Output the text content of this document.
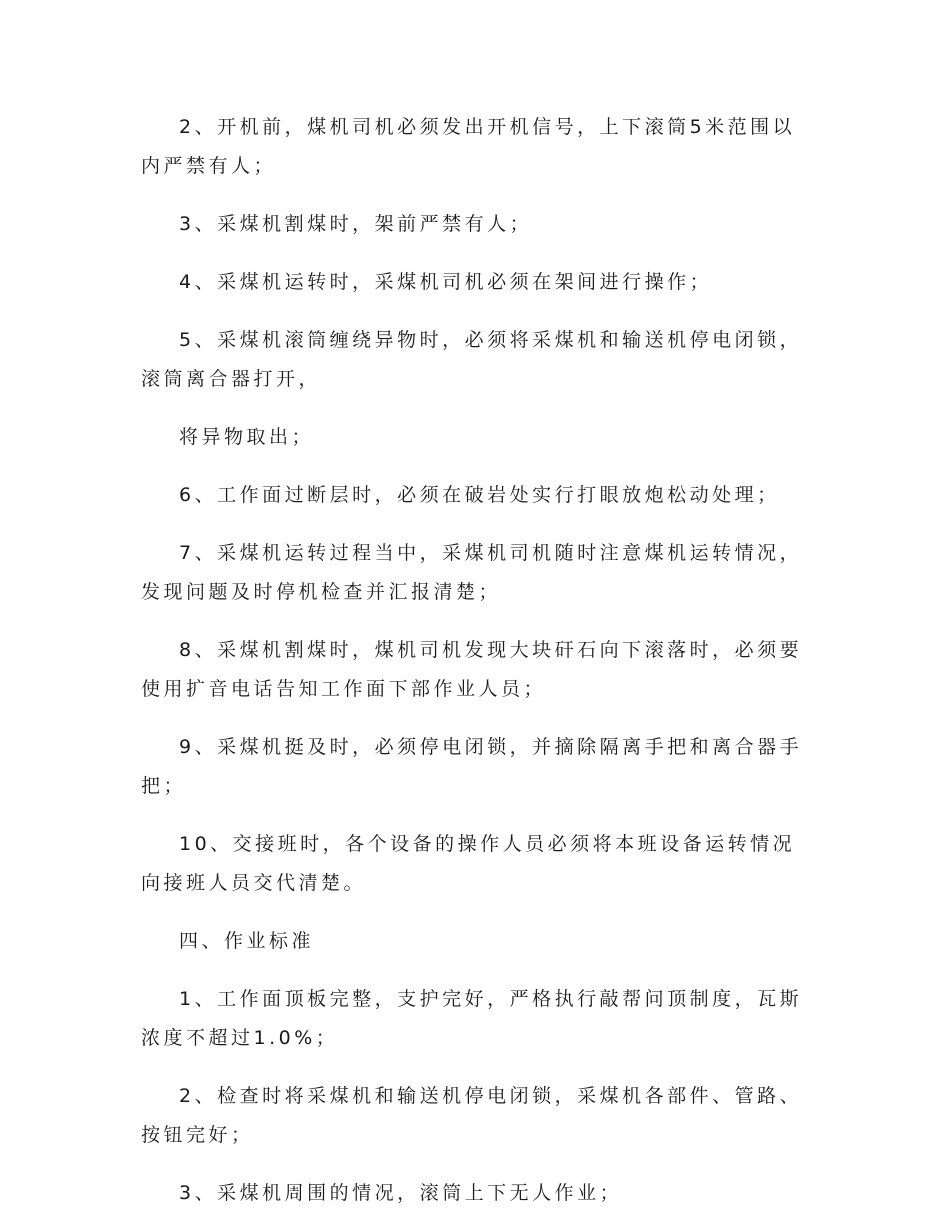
2、开机前，煤机司机必须发出开机信号，上下滚筒5米范围以内严禁有人；

3、采煤机割煤时，架前严禁有人；

4、采煤机运转时，采煤机司机必须在架间进行操作；

5、采煤机滚筒缠绕异物时，必须将采煤机和输送机停电闭锁，滚筒离合器打开，

将异物取出；

6、工作面过断层时，必须在破岩处实行打眼放炮松动处理；

7、采煤机运转过程当中，采煤机司机随时注意煤机运转情况，发现问题及时停机检查并汇报清楚；

8、采煤机割煤时，煤机司机发现大块矸石向下滚落时，必须要使用扩音电话告知工作面下部作业人员；

9、采煤机挺及时，必须停电闭锁，并摘除隔离手把和离合器手把；

10、交接班时，各个设备的操作人员必须将本班设备运转情况向接班人员交代清楚。

四、作业标准

1、工作面顶板完整，支护完好，严格执行敲帮问顶制度，瓦斯浓度不超过1.0%；

2、检查时将采煤机和输送机停电闭锁，采煤机各部件、管路、按钮完好；

3、采煤机周围的情况，滚筒上下无人作业；
